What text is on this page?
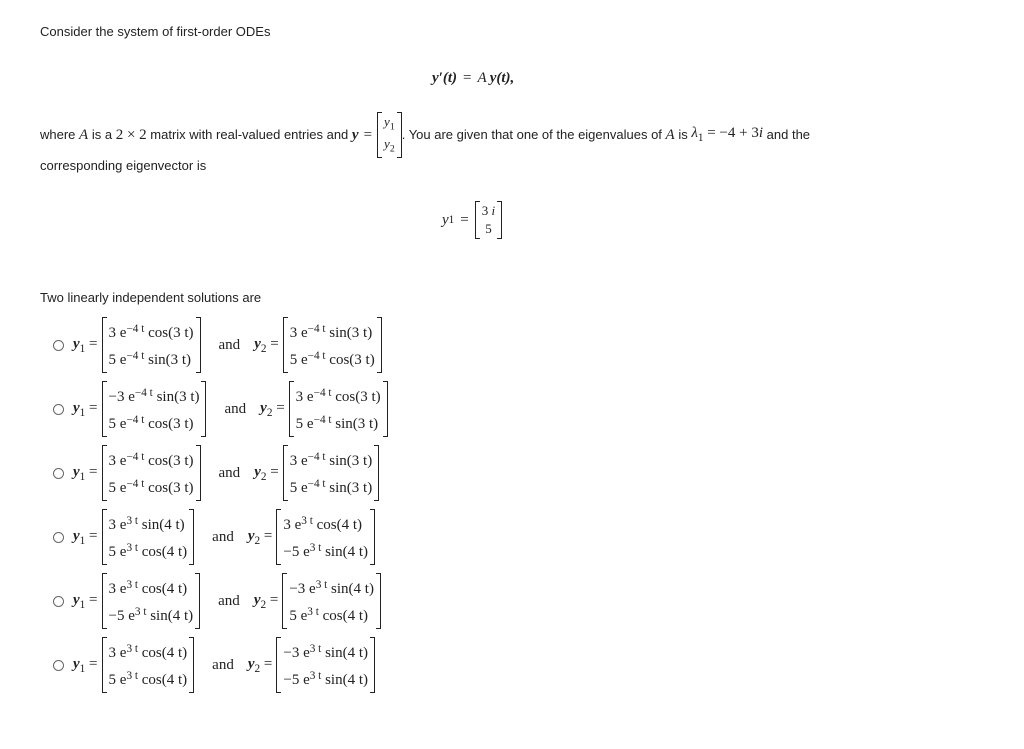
Consider the system of first-order ODEs
y′(t) = A y(t),
where
A
is a
2 × 2
matrix with real-valued entries and
y =
$y_1$
$y_2$
. You are given that one of the eigenvalues of
A
is
$\lambda_1 = -4 + 3i$
and the
corresponding eigenvector is
y 1 =
3 i
5
Two linearly independent solutions are
$y_1$ =
3 $e^{-4 t}$ cos(3 t)
5 $e^{-4 t}$ sin(3 t)
and $y_2$ =
3 $e^{-4 t}$ sin(3 t)
5 $e^{-4 t}$ cos(3 t)
$y_1$ =
−3 $e^{-4 t}$ sin(3 t)
5 $e^{-4 t}$ cos(3 t)
and $y_2$ =
3 $e^{-4 t}$ cos(3 t)
5 $e^{-4 t}$ sin(3 t)
$y_1$ =
3 $e^{-4 t}$ cos(3 t)
5 $e^{-4 t}$ cos(3 t)
and $y_2$ =
3 $e^{-4 t}$ sin(3 t)
5 $e^{-4 t}$ sin(3 t)
$y_1$ =
3 $e^{3 t}$ sin(4 t)
5 $e^{3 t}$ cos(4 t)
and $y_2$ =
3 $e^{3 t}$ cos(4 t)
−5 $e^{3 t}$ sin(4 t)
$y_1$ =
3 $e^{3 t}$ cos(4 t)
−5 $e^{3 t}$ sin(4 t)
and $y_2$ =
−3 $e^{3 t}$ sin(4 t)
5 $e^{3 t}$ cos(4 t)
$y_1$ =
3 $e^{3 t}$ cos(4 t)
5 $e^{3 t}$ cos(4 t)
and $y_2$ =
−3 $e^{3 t}$ sin(4 t)
−5 $e^{3 t}$ sin(4 t)
